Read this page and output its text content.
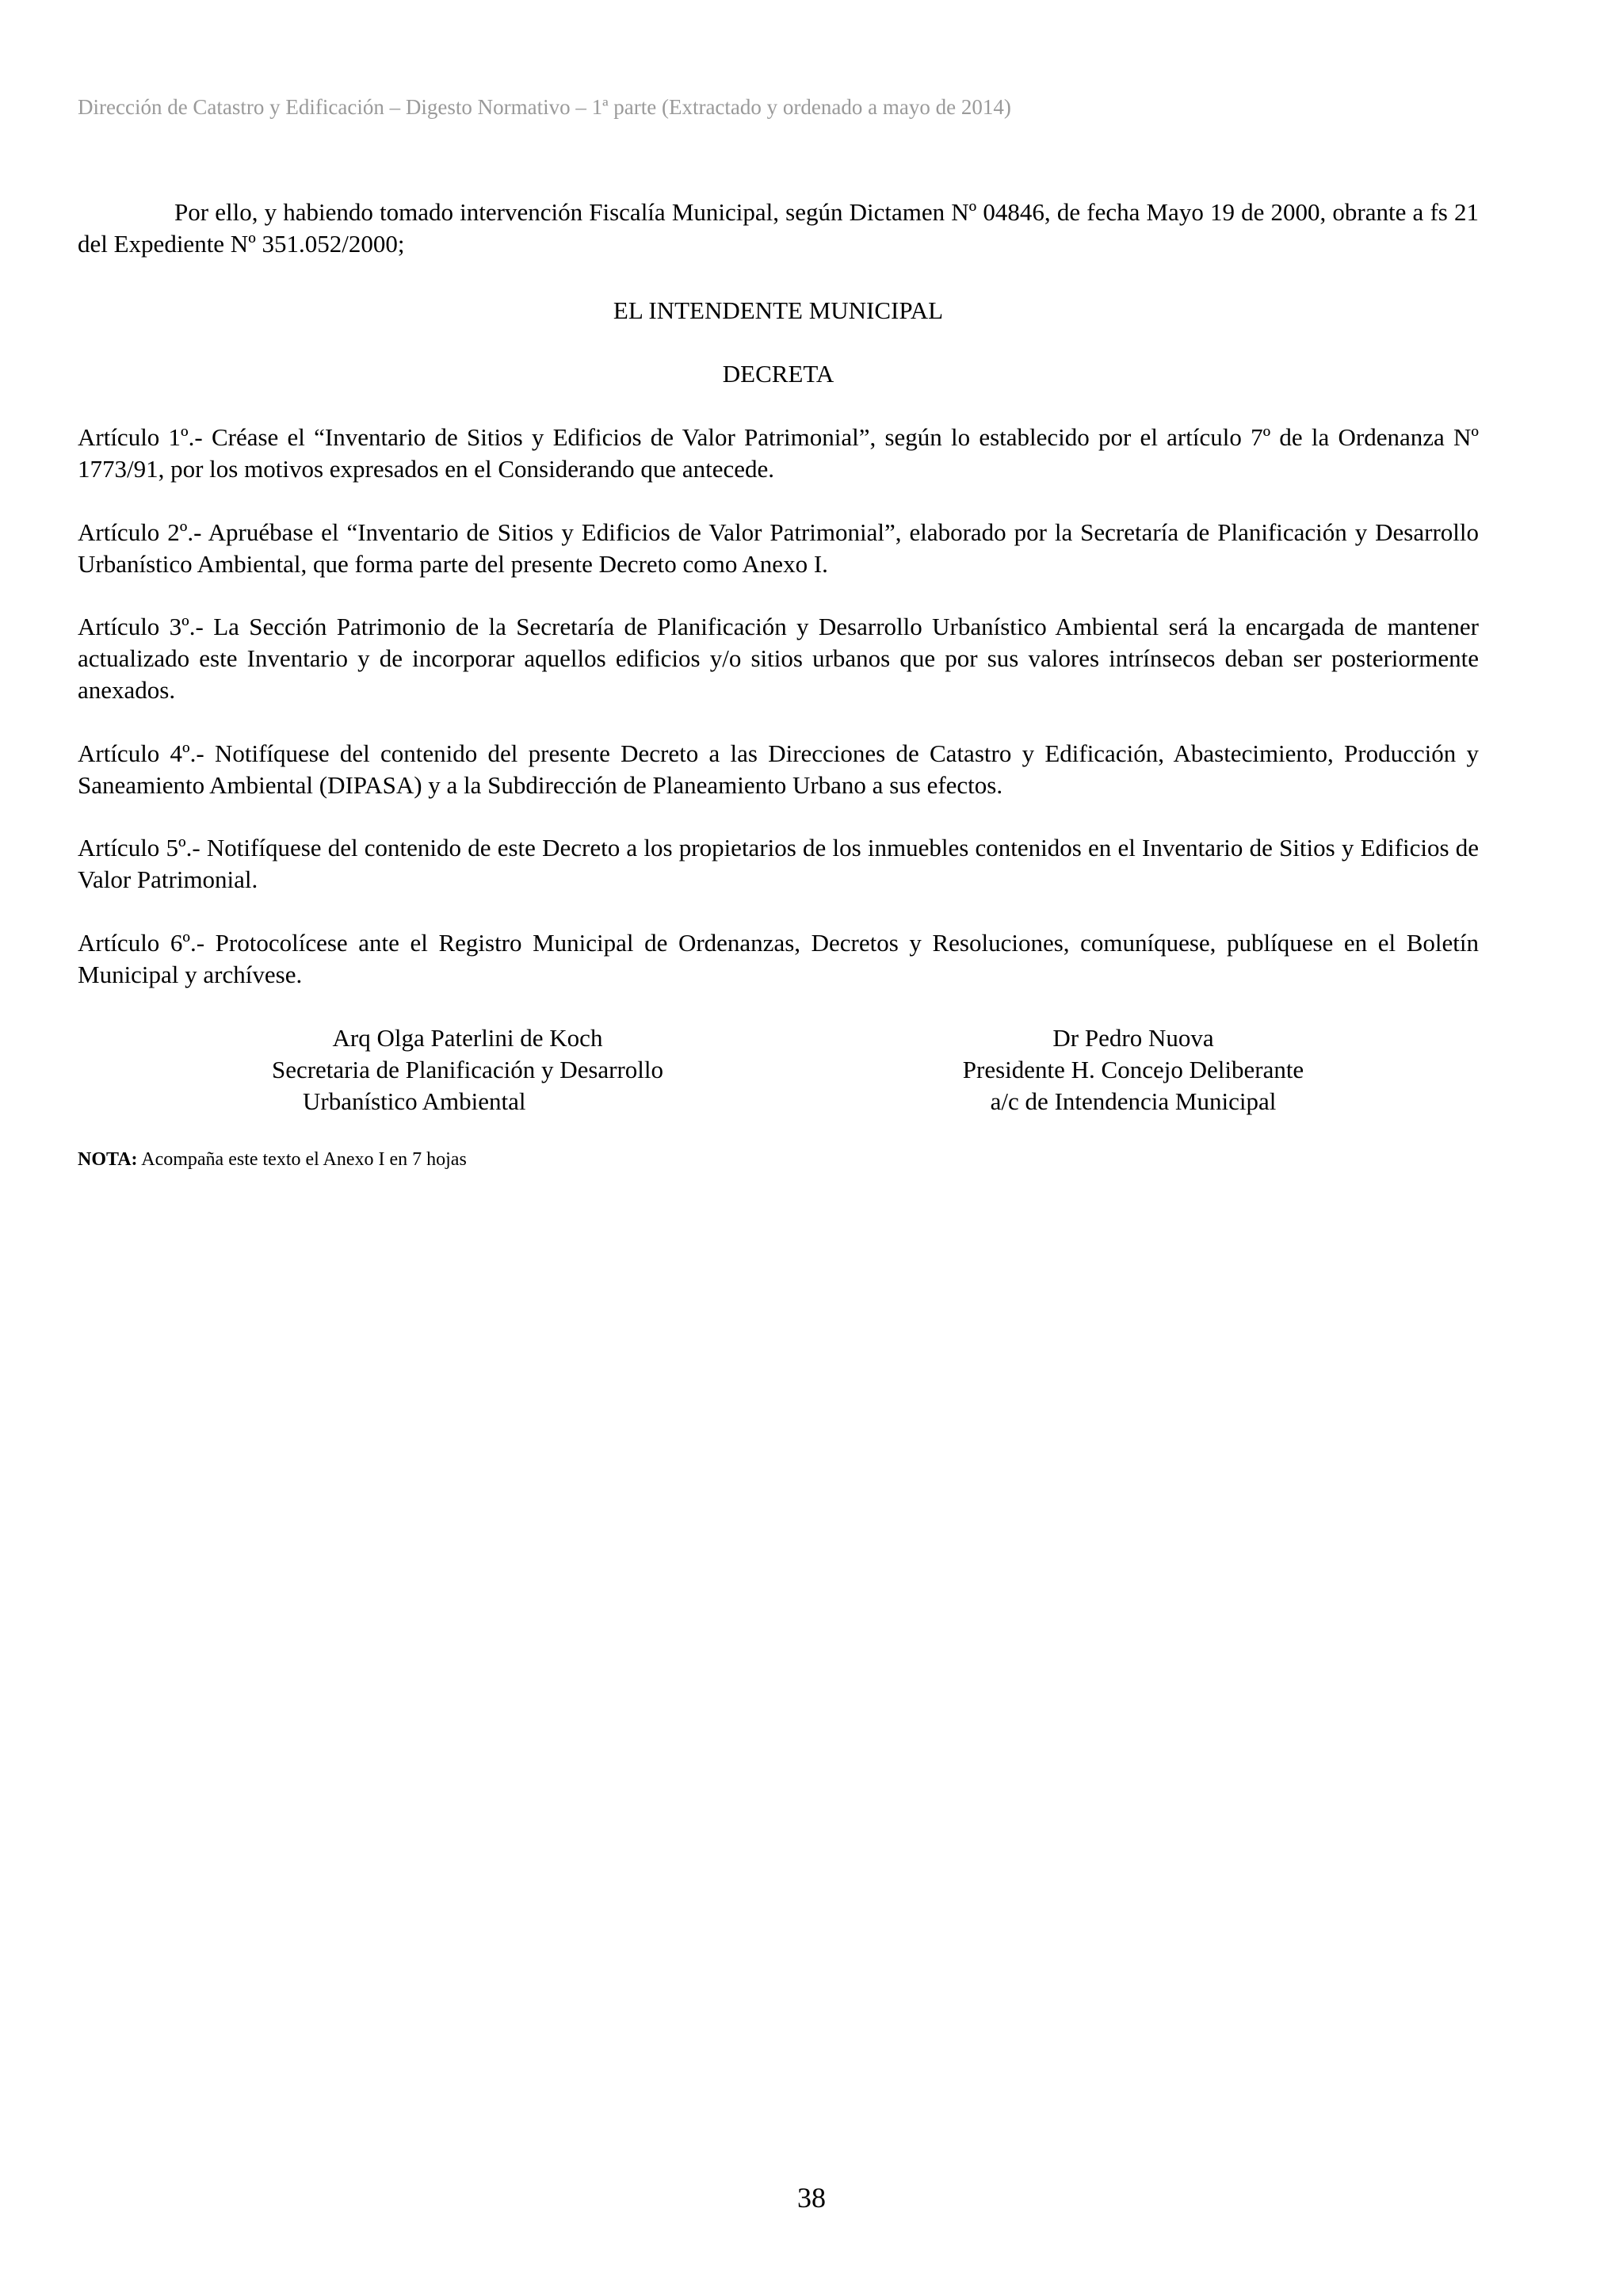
Dirección de Catastro y Edificación – Digesto Normativo – 1ª parte (Extractado y ordenado a mayo de 2014)

Por ello, y habiendo tomado intervención Fiscalía Municipal, según Dictamen Nº 04846, de fecha Mayo 19 de 2000, obrante a fs 21 del Expediente Nº 351.052/2000;

EL INTENDENTE MUNICIPAL
DECRETA

Artículo 1º.- Créase el “Inventario de Sitios y Edificios de Valor Patrimonial”, según lo establecido por el artículo 7º de la Ordenanza Nº 1773/91, por los motivos expresados en el Considerando que antecede.

Artículo 2º.- Apruébase el “Inventario de Sitios y Edificios de Valor Patrimonial”, elaborado por la Secretaría de Planificación y Desarrollo Urbanístico Ambiental, que forma parte del presente Decreto como Anexo I.

Artículo 3º.- La Sección Patrimonio de la Secretaría de Planificación y Desarrollo Urbanístico Ambiental será la encargada de mantener actualizado este Inventario y de incorporar aquellos edificios y/o sitios urbanos que por sus valores intrínsecos deban ser posteriormente anexados.

Artículo 4º.- Notifíquese del contenido del presente Decreto a las Direcciones de Catastro y Edificación, Abastecimiento, Producción y Saneamiento Ambiental (DIPASA) y a la Subdirección de Planeamiento Urbano a sus efectos.

Artículo 5º.- Notifíquese del contenido de este Decreto a los propietarios de los inmuebles contenidos en el Inventario de Sitios y Edificios de Valor Patrimonial.

Artículo 6º.- Protocolícese ante el Registro Municipal de Ordenanzas, Decretos y Resoluciones, comuníquese, publíquese en el Boletín Municipal y archívese.

Arq Olga Paterlini de Koch
Secretaria de Planificación y Desarrollo
Urbanístico Ambiental
Dr Pedro Nuova
Presidente H. Concejo Deliberante
a/c de Intendencia Municipal
NOTA: Acompaña este texto el Anexo I en 7 hojas
38
